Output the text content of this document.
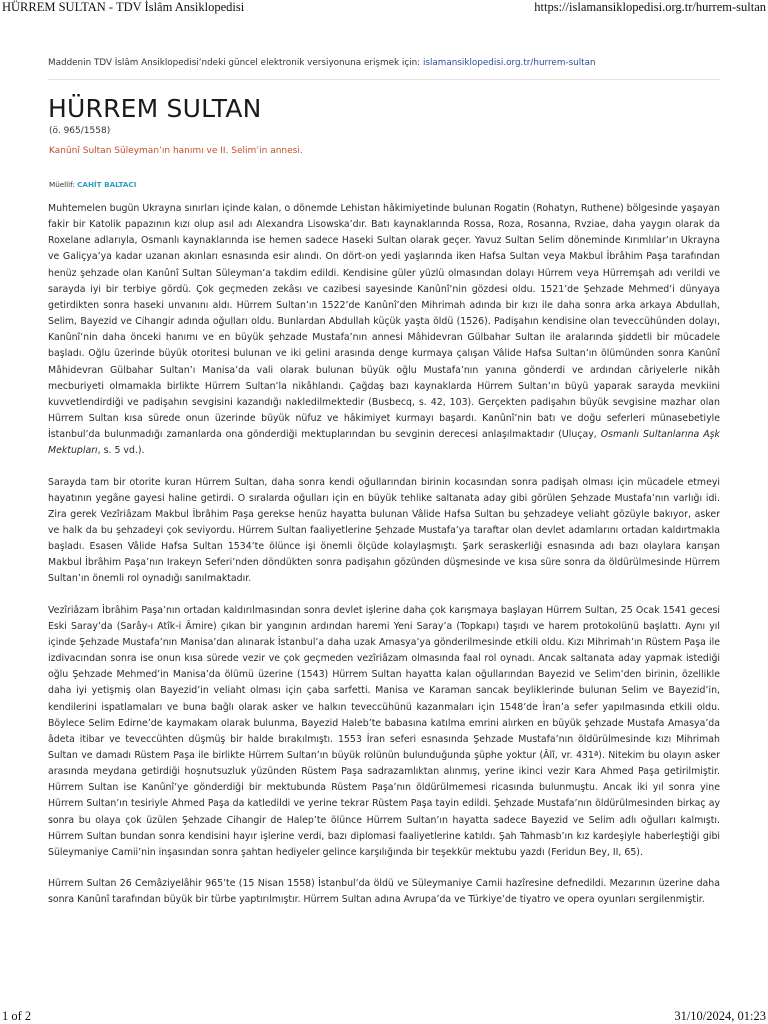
HÜRREM SULTAN - TDV İslâm Ansiklopedisi	https://islamansiklopedisi.org.tr/hurrem-sultan
Maddenin TDV İslâm Ansiklopedisi’ndeki güncel elektronik versiyonuna erişmek için: islamansiklopedisi.org.tr/hurrem-sultan
HÜRREM SULTAN
(ö. 965/1558)
Kanûnî Sultan Süleyman’ın hanımı ve II. Selim’in annesi.
Müellif: CAHİT BALTACI

Muhtemelen bugün Ukrayna sınırları içinde kalan, o dönemde Lehistan hâkimiyetinde bulunan Rogatin (Rohatyn, Ruthene) bölgesinde yaşayan fakir bir Katolik papazının kızı olup asıl adı Alexandra Lisowska’dır. Batı kaynaklarında Rossa, Roza, Rosanna, Rvziae, daha yaygın olarak da Roxelane adlarıyla, Osmanlı kaynaklarında ise hemen sadece Haseki Sultan olarak geçer. Yavuz Sultan Selim döneminde Kırımlılar’ın Ukrayna ve Galiçya’ya kadar uzanan akınları esnasında esir alındı. On dört-on yedi yaşlarında iken Hafsa Sultan veya Makbul İbrâhim Paşa tarafından henüz şehzade olan Kanûnî Sultan Süleyman’a takdim edildi. Kendisine güler yüzlü olmasından dolayı Hürrem veya Hürremşah adı verildi ve sarayda iyi bir terbiye gördü. Çok geçmeden zekâsı ve cazibesi sayesinde Kanûnî’nin gözdesi oldu. 1521’de Şehzade Mehmed’i dünyaya getirdikten sonra haseki unvanını aldı. Hürrem Sultan’ın 1522’de Kanûnî’den Mihrimah adında bir kızı ile daha sonra arka arkaya Abdullah, Selim, Bayezid ve Cihangir adında oğulları oldu. Bunlardan Abdullah küçük yaşta öldü (1526). Padişahın kendisine olan teveccühünden dolayı, Kanûnî’nin daha önceki hanımı ve en büyük şehzade Mustafa’nın annesi Mâhidevran Gülbahar Sultan ile aralarında şiddetli bir mücadele başladı. Oğlu üzerinde büyük otoritesi bulunan ve iki gelini arasında denge kurmaya çalışan Vâlide Hafsa Sultan’ın ölümünden sonra Kanûnî Mâhidevran Gülbahar Sultan’ı Manisa’da vali olarak bulunan büyük oğlu Mustafa’nın yanına gönderdi ve ardından câriyelerle nikâh mecburiyeti olmamakla birlikte Hürrem Sultan’la nikâhlandı. Çağdaş bazı kaynaklarda Hürrem Sultan’ın büyü yaparak sarayda mevkiini kuvvetlendirdiği ve padişahın sevgisini kazandığı nakledilmektedir (Busbecq, s. 42, 103). Gerçekten padişahın büyük sevgisine mazhar olan Hürrem Sultan kısa sürede onun üzerinde büyük nüfuz ve hâkimiyet kurmayı başardı. Kanûnî’nin batı ve doğu seferleri münasebetiyle İstanbul’da bulunmadığı zamanlarda ona gönderdiği mektuplarından bu sevginin derecesi anlaşılmaktadır (Uluçay, Osmanlı Sultanlarına Aşk Mektupları, s. 5 vd.).

Sarayda tam bir otorite kuran Hürrem Sultan, daha sonra kendi oğullarından birinin kocasından sonra padişah olması için mücadele etmeyi hayatının yegâne gayesi haline getirdi. O sıralarda oğulları için en büyük tehlike saltanata aday gibi görülen Şehzade Mustafa’nın varlığı idi. Zira gerek Vezîriâzam Makbul İbrâhim Paşa gerekse henüz hayatta bulunan Vâlide Hafsa Sultan bu şehzadeye veliaht gözüyle bakıyor, asker ve halk da bu şehzadeyi çok seviyordu. Hürrem Sultan faaliyetlerine Şehzade Mustafa’ya taraftar olan devlet adamlarını ortadan kaldırtmakla başladı. Esasen Vâlide Hafsa Sultan 1534’te ölünce işi önemli ölçüde kolaylaşmıştı. Şark seraskerliği esnasında adı bazı olaylara karışan Makbul İbrâhim Paşa’nın Irakeyn Seferi’nden döndükten sonra padişahın gözünden düşmesinde ve kısa süre sonra da öldürülmesinde Hürrem Sultan’ın önemli rol oynadığı sanılmaktadır.

Vezîriâzam İbrâhim Paşa’nın ortadan kaldırılmasından sonra devlet işlerine daha çok karışmaya başlayan Hürrem Sultan, 25 Ocak 1541 gecesi Eski Saray’da (Sarây-ı Atîk-i Âmire) çıkan bir yangının ardından haremi Yeni Saray’a (Topkapı) taşıdı ve harem protokolünü başlattı. Aynı yıl içinde Şehzade Mustafa’nın Manisa’dan alınarak İstanbul’a daha uzak Amasya’ya gönderilmesinde etkili oldu. Kızı Mihrimah’ın Rüstem Paşa ile izdivacından sonra ise onun kısa sürede vezir ve çok geçmeden vezîriâzam olmasında faal rol oynadı. Ancak saltanata aday yapmak istediği oğlu Şehzade Mehmed’in Manisa’da ölümü üzerine (1543) Hürrem Sultan hayatta kalan oğullarından Bayezid ve Selim’den birinin, özellikle daha iyi yetişmiş olan Bayezid’in veliaht olması için çaba sarfetti. Manisa ve Karaman sancak beyliklerinde bulunan Selim ve Bayezid’in, kendilerini ispatlamaları ve buna bağlı olarak asker ve halkın teveccühünü kazanmaları için 1548’de İran’a sefer yapılmasında etkili oldu. Böylece Selim Edirne’de kaymakam olarak bulunma, Bayezid Haleb’te babasına katılma emrini alırken en büyük şehzade Mustafa Amasya’da âdeta itibar ve teveccühten düşmüş bir halde bırakılmıştı. 1553 İran seferi esnasında Şehzade Mustafa’nın öldürülmesinde kızı Mihrimah Sultan ve damadı Rüstem Paşa ile birlikte Hürrem Sultan’ın büyük rolünün bulunduğunda şüphe yoktur (Âlî, vr. 431ª). Nitekim bu olayın asker arasında meydana getirdiği hoşnutsuzluk yüzünden Rüstem Paşa sadrazamlıktan alınmış, yerine ikinci vezir Kara Ahmed Paşa getirilmiştir. Hürrem Sultan ise Kanûnî’ye gönderdiği bir mektubunda Rüstem Paşa’nın öldürülmemesi ricasında bulunmuştu. Ancak iki yıl sonra yine Hürrem Sultan’ın tesiriyle Ahmed Paşa da katledildi ve yerine tekrar Rüstem Paşa tayin edildi. Şehzade Mustafa’nın öldürülmesinden birkaç ay sonra bu olaya çok üzülen Şehzade Cihangir de Halep’te ölünce Hürrem Sultan’ın hayatta sadece Bayezid ve Selim adlı oğulları kalmıştı. Hürrem Sultan bundan sonra kendisini hayır işlerine verdi, bazı diplomasi faaliyetlerine katıldı. Şah Tahmasb’ın kız kardeşiyle haberleştiği gibi Süleymaniye Camii’nin inşasından sonra şahtan hediyeler gelince karşılığında bir teşekkür mektubu yazdı (Feridun Bey, II, 65).

Hürrem Sultan 26 Cemâziyelâhir 965’te (15 Nisan 1558) İstanbul’da öldü ve Süleymaniye Camii hazîresine defnedildi. Mezarının üzerine daha sonra Kanûnî tarafından büyük bir türbe yaptırılmıştır. Hürrem Sultan adına Avrupa’da ve Türkiye’de tiyatro ve opera oyunları sergilenmiştir.

1 of 2	31/10/2024, 01:23
